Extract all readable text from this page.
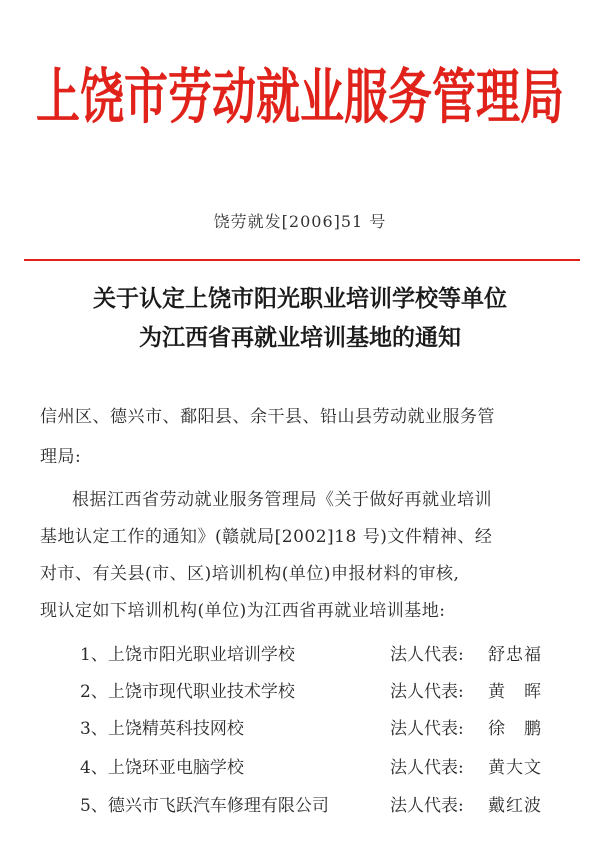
上饶市劳动就业服务管理局
饶劳就发[2006]51 号
关于认定上饶市阳光职业培训学校等单位
为江西省再就业培训基地的通知
信州区、德兴市、鄱阳县、余干县、铅山县劳动就业服务管
理局:
根据江西省劳动就业服务管理局《关于做好再就业培训
基地认定工作的通知》(赣就局[2002]18 号)文件精神、经
对市、有关县(市、区)培训机构(单位)申报材料的审核,
现认定如下培训机构(单位)为江西省再就业培训基地:
1、上饶市阳光职业培训学校	法人代表: 舒忠福
2、上饶市现代职业技术学校	法人代表: 黄　晖
3、上饶精英科技网校	法人代表: 徐　鹏
4、上饶环亚电脑学校	法人代表: 黄大文
5、德兴市飞跃汽车修理有限公司	法人代表: 戴红波
